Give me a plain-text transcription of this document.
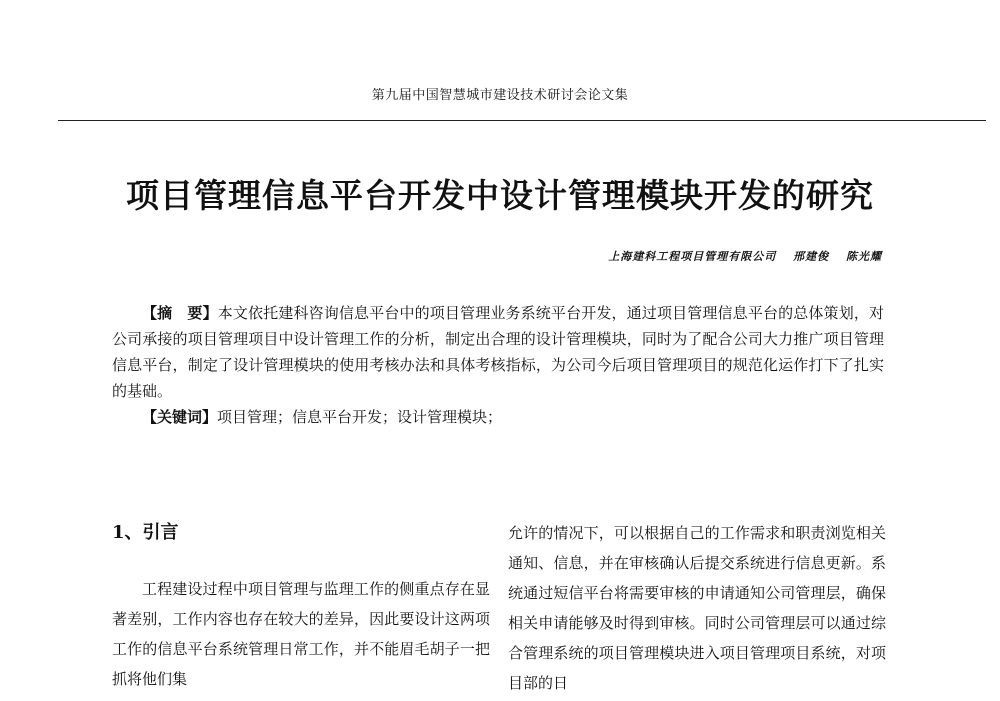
第九届中国智慧城市建设技术研讨会论文集
项目管理信息平台开发中设计管理模块开发的研究
上海建科工程项目管理有限公司 邢建俊 陈光耀

【摘　要】本文依托建科咨询信息平台中的项目管理业务系统平台开发，通过项目管理信息平台的总体策划，对公司承接的项目管理项目中设计管理工作的分析，制定出合理的设计管理模块，同时为了配合公司大力推广项目管理信息平台，制定了设计管理模块的使用考核办法和具体考核指标，为公司今后项目管理项目的规范化运作打下了扎实的基础。

【关键词】项目管理；信息平台开发；设计管理模块；

1、引言

工程建设过程中项目管理与监理工作的侧重点存在显著差别，工作内容也存在较大的差异，因此要设计这两项工作的信息平台系统管理日常工作，并不能眉毛胡子一把抓将他们集

允许的情况下，可以根据自己的工作需求和职责浏览相关通知、信息，并在审核确认后提交系统进行信息更新。系统通过短信平台将需要审核的申请通知公司管理层，确保相关申请能够及时得到审核。同时公司管理层可以通过综合管理系统的项目管理模块进入项目管理项目系统，对项目部的日
